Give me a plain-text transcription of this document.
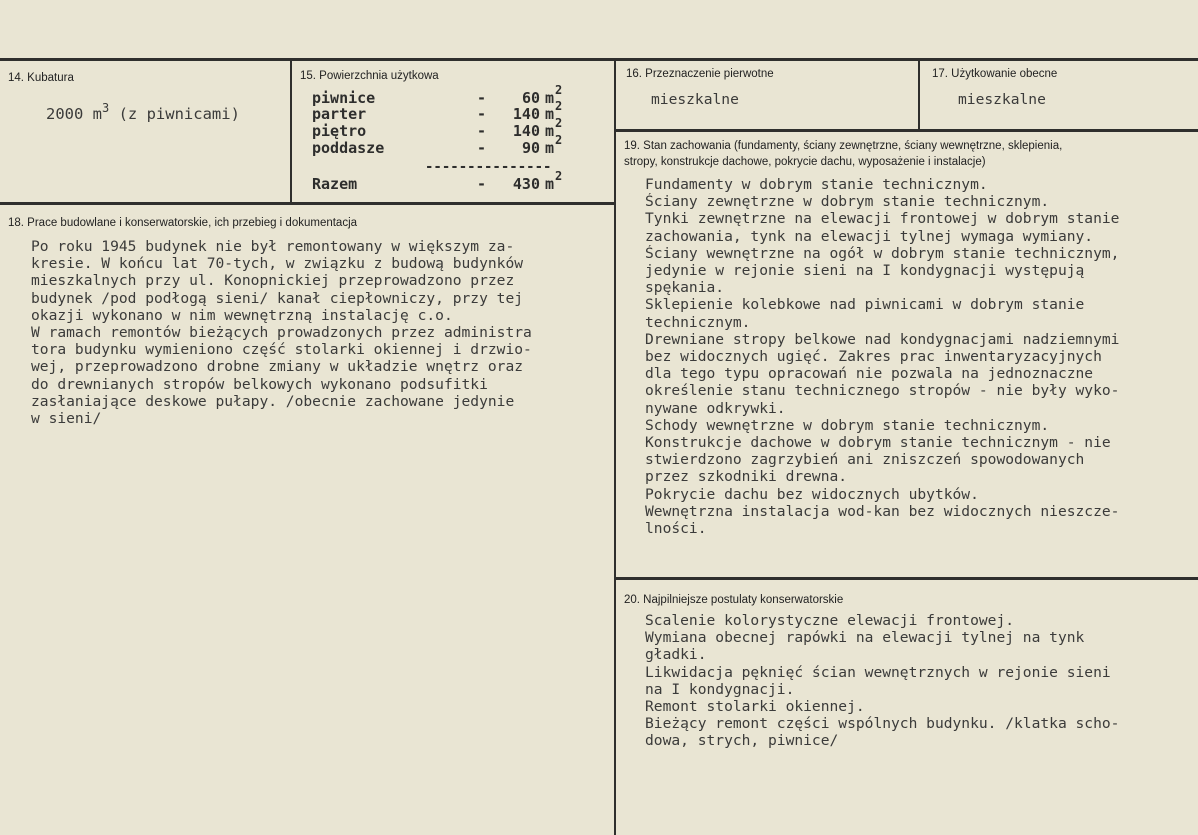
14. Kubatura
2000 $m^3$ (z piwnicami)
15. Powierzchnia użytkowa
piwnice	-	60 m 2
parter	-	140 m 2
piętro	-	140 m 2
poddasze	-	90 m 2
Razem	-	430 m 2
---------------
16. Przeznaczenie pierwotne
mieszkalne
17. Użytkowanie obecne
mieszkalne
18. Prace budowlane i konserwatorskie, ich przebieg i dokumentacja
Po roku 1945 budynek nie był remontowany w większym za-
kresie. W końcu lat 70-tych, w związku z budową budynków
mieszkalnych przy ul. Konopnickiej przeprowadzono przez
budynek /pod podłogą sieni/ kanał ciepłowniczy, przy tej
okazji wykonano w nim wewnętrzną instalację c.o.
W ramach remontów bieżących prowadzonych przez administra
tora budynku wymieniono część stolarki okiennej i drzwio-
wej, przeprowadzono drobne zmiany w układzie wnętrz oraz
do drewnianych stropów belkowych wykonano podsufitki
zasłaniające deskowe pułapy. /obecnie zachowane jedynie
w sieni/
19. Stan zachowania (fundamenty, ściany zewnętrzne, ściany wewnętrzne, sklepienia,
stropy, konstrukcje dachowe, pokrycie dachu, wyposażenie i instalacje)
Fundamenty w dobrym stanie technicznym.
Ściany zewnętrzne w dobrym stanie technicznym.
Tynki zewnętrzne na elewacji frontowej w dobrym stanie
zachowania, tynk na elewacji tylnej wymaga wymiany.
Ściany wewnętrzne na ogół w dobrym stanie technicznym,
jedynie w rejonie sieni na I kondygnacji występują
spękania.
Sklepienie kolebkowe nad piwnicami w dobrym stanie
technicznym.
Drewniane stropy belkowe nad kondygnacjami nadziemnymi
bez widocznych ugięć. Zakres prac inwentaryzacyjnych
dla tego typu opracowań nie pozwala na jednoznaczne
określenie stanu technicznego stropów - nie były wyko-
nywane odkrywki.
Schody wewnętrzne w dobrym stanie technicznym.
Konstrukcje dachowe w dobrym stanie technicznym - nie
stwierdzono zagrzybień ani zniszczeń spowodowanych
przez szkodniki drewna.
Pokrycie dachu bez widocznych ubytków.
Wewnętrzna instalacja wod-kan bez widocznych nieszcze-
lności.
20. Najpilniejsze postulaty konserwatorskie
Scalenie kolorystyczne elewacji frontowej.
Wymiana obecnej rapówki na elewacji tylnej na tynk
gładki.
Likwidacja pęknięć ścian wewnętrznych w rejonie sieni
na I kondygnacji.
Remont stolarki okiennej.
Bieżący remont części wspólnych budynku. /klatka scho-
dowa, strych, piwnice/
